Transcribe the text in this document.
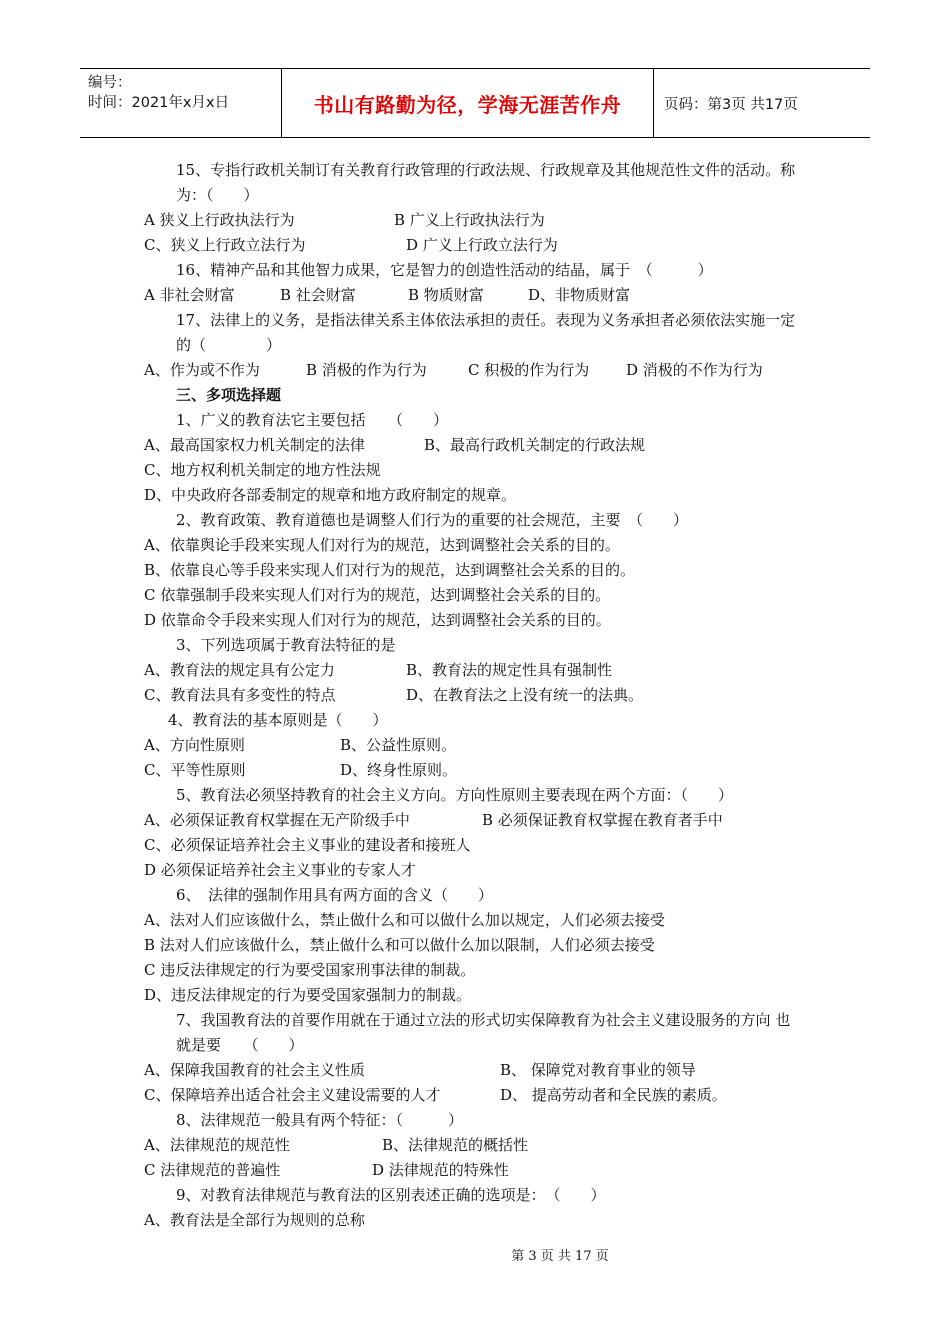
编号：
时间：2021年x月x日	书山有路勤为径，学海无涯苦作舟	页码：第3页 共17页
15、专指行政机关制订有关教育行政管理的行政法规、行政规章及其他规范性文件的活动。称为：（　　）
A 狭义上行政执法行为	B 广义上行政执法行为
C、狭义上行政立法行为	D 广义上行政立法行为
16、精神产品和其他智力成果，它是智力的创造性活动的结晶，属于　（　　　）
A 非社会财富	B 社会财富	B 物质财富	D、非物质财富
17、法律上的义务，是指法律关系主体依法承担的责任。表现为义务承担者必须依法实施一定的（　　　　）
A、作为或不作为	B 消极的作为行为	C 积极的作为行为 D 消极的不作为行为
三、多项选择题
1、广义的教育法它主要包括　　（　　）
A、最高国家权力机关制定的法律	B、最高行政机关制定的行政法规
C、地方权利机关制定的地方性法规
D、中央政府各部委制定的规章和地方政府制定的规章。
2、教育政策、教育道德也是调整人们行为的重要的社会规范，主要　（　　）
A、依靠舆论手段来实现人们对行为的规范，达到调整社会关系的目的。
B、依靠良心等手段来实现人们对行为的规范，达到调整社会关系的目的。
C 依靠强制手段来实现人们对行为的规范，达到调整社会关系的目的。
D 依靠命令手段来实现人们对行为的规范，达到调整社会关系的目的。
3、下列选项属于教育法特征的是
A、教育法的规定具有公定力	B、教育法的规定性具有强制性
C、教育法具有多变性的特点	D、在教育法之上没有统一的法典。
4、教育法的基本原则是（　　）
A、方向性原则	B、公益性原则。
C、平等性原则	D、终身性原则。
5、教育法必须坚持教育的社会主义方向。方向性原则主要表现在两个方面：（　　）
A、必须保证教育权掌握在无产阶级手中	B 必须保证教育权掌握在教育者手中
C、必须保证培养社会主义事业的建设者和接班人
D 必须保证培养社会主义事业的专家人才
6、　法律的强制作用具有两方面的含义（　　）
A、法对人们应该做什么，禁止做什么和可以做什么加以规定，人们必须去接受
B 法对人们应该做什么，禁止做什么和可以做什么加以限制，人们必须去接受
C 违反法律规定的行为要受国家刑事法律的制裁。
D、违反法律规定的行为要受国家强制力的制裁。
7、我国教育法的首要作用就在于通过立法的形式切实保障教育为社会主义建设服务的方向 也就是要　　（　　）
A、保障我国教育的社会主义性质	B、 保障党对教育事业的领导
C、保障培养出适合社会主义建设需要的人才	D、 提高劳动者和全民族的素质。
8、法律规范一般具有两个特征：（　　　）
A、法律规范的规范性	B、法律规范的概括性
C 法律规范的普遍性	D 法律规范的特殊性
9、对教育法律规范与教育法的区别表述正确的选项是：　（　　）
A、教育法是全部行为规则的总称
第 3 页 共 17 页
